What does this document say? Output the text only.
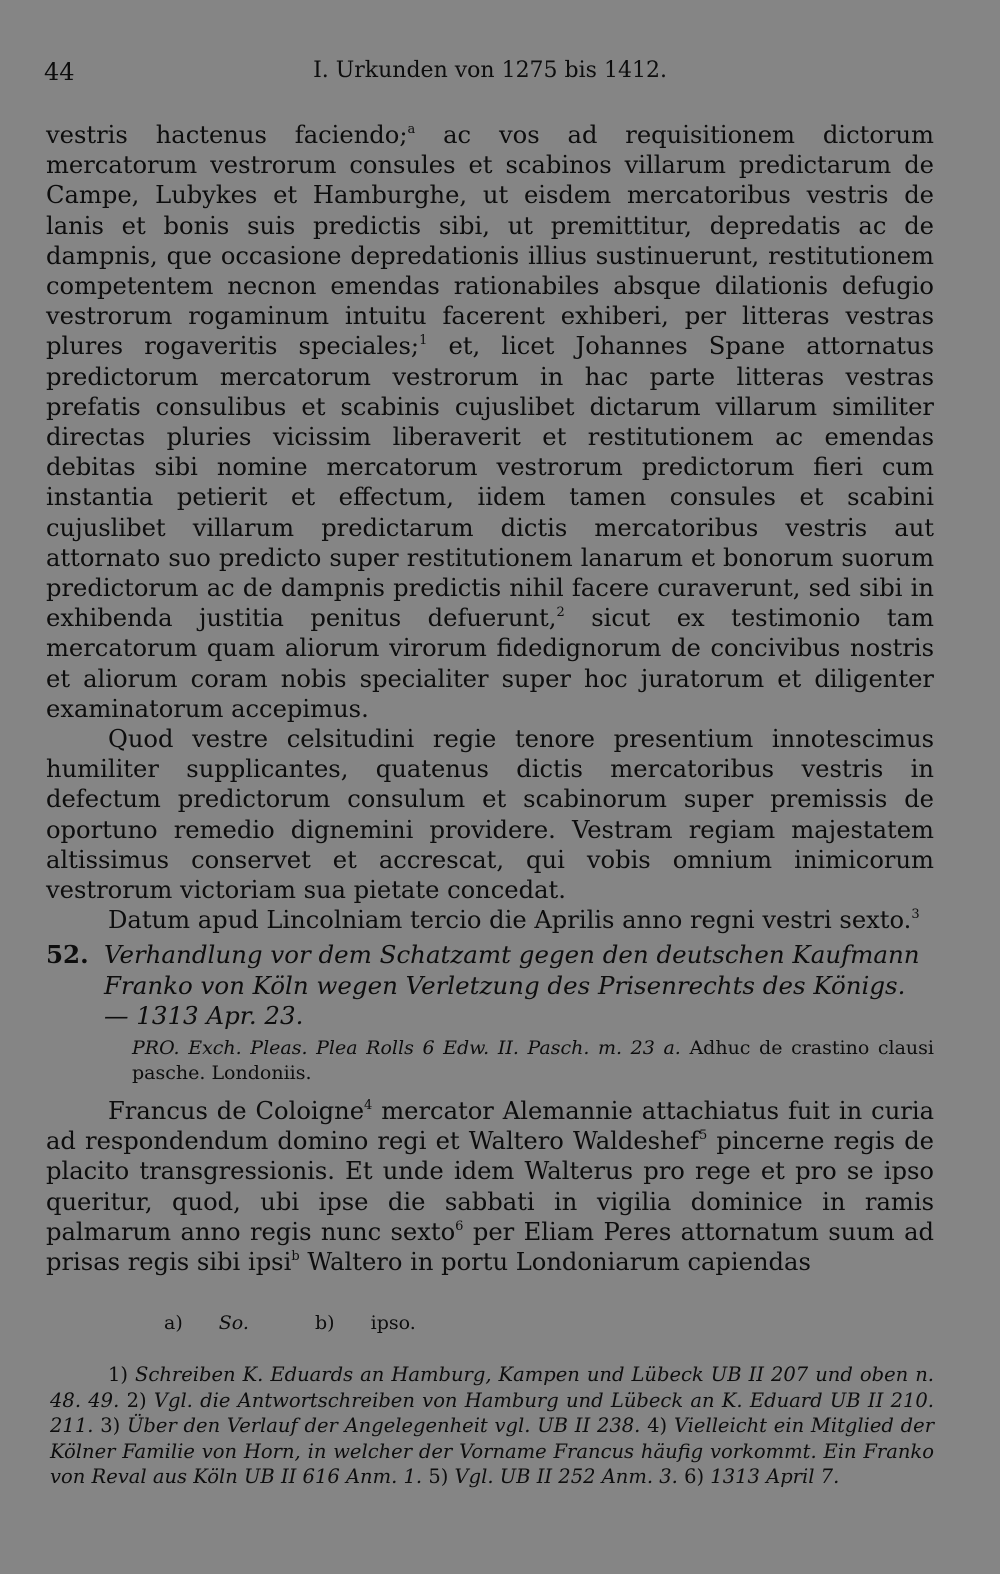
44	I. Urkunden von 1275 bis 1412.

vestris hactenus faciendo;$^a$ ac vos ad requisitionem dictorum mercatorum vestrorum consules et scabinos villarum predictarum de Campe, Lubykes et Hamburghe, ut eisdem mercatoribus vestris de lanis et bonis suis predictis sibi, ut premittitur, depredatis ac de dampnis, que occasione depredationis illius sustinuerunt, restitutionem competentem necnon emendas rationabiles absque dilationis defugio vestrorum rogaminum intuitu facerent exhiberi, per litteras vestras plures rogaveritis speciales;$^1$ et, licet Johannes Spane attornatus predictorum mercatorum vestrorum in hac parte litteras vestras prefatis consulibus et scabinis cujuslibet dictarum villarum similiter directas pluries vicissim liberaverit et restitutionem ac emendas debitas sibi nomine mercatorum vestrorum predictorum fieri cum instantia petierit et effectum, iidem tamen consules et scabini cujuslibet villarum predictarum dictis mercatoribus vestris aut attornato suo predicto super restitutionem lanarum et bonorum suorum predictorum ac de dampnis predictis nihil facere curaverunt, sed sibi in exhibenda justitia penitus defuerunt,$^2$ sicut ex testimonio tam mercatorum quam aliorum virorum fidedignorum de concivibus nostris et aliorum coram nobis specialiter super hoc juratorum et diligenter examinatorum accepimus.

Quod vestre celsitudini regie tenore presentium innotescimus humiliter supplicantes, quatenus dictis mercatoribus vestris in defectum predictorum consulum et scabinorum super premissis de oportuno remedio dignemini providere. Vestram regiam majestatem altissimus conservet et accrescat, qui vobis omnium inimicorum vestrorum victoriam sua pietate concedat.

Datum apud Lincolniam tercio die Aprilis anno regni vestri sexto.$^3$

52. Verhandlung vor dem Schatzamt gegen den deutschen Kaufmann Franko von Köln wegen Verletzung des Prisenrechts des Königs. — 1313 Apr. 23.
PRO. Exch. Pleas. Plea Rolls 6 Edw. II. Pasch. m. 23 a. Adhuc de crastino clausi pasche. Londoniis.

Francus de Coloigne$^4$ mercator Alemannie attachiatus fuit in curia ad respondendum domino regi et Waltero Waldeshef$^5$ pincerne regis de placito transgressionis. Et unde idem Walterus pro rege et pro se ipso queritur, quod, ubi ipse die sabbati in vigilia dominice in ramis palmarum anno regis nunc sexto$^6$ per Eliam Peres attornatum suum ad prisas regis sibi ipsi$^b$ Waltero in portu Londoniarum capiendas

a) So.	b) ipso.

1) Schreiben K. Eduards an Hamburg, Kampen und Lübeck UB II 207 und oben n. 48. 49. 2) Vgl. die Antwortschreiben von Hamburg und Lübeck an K. Eduard UB II 210. 211. 3) Über den Verlauf der Angelegenheit vgl. UB II 238. 4) Vielleicht ein Mitglied der Kölner Familie von Horn, in welcher der Vorname Francus häufig vorkommt. Ein Franko von Reval aus Köln UB II 616 Anm. 1. 5) Vgl. UB II 252 Anm. 3. 6) 1313 April 7.
